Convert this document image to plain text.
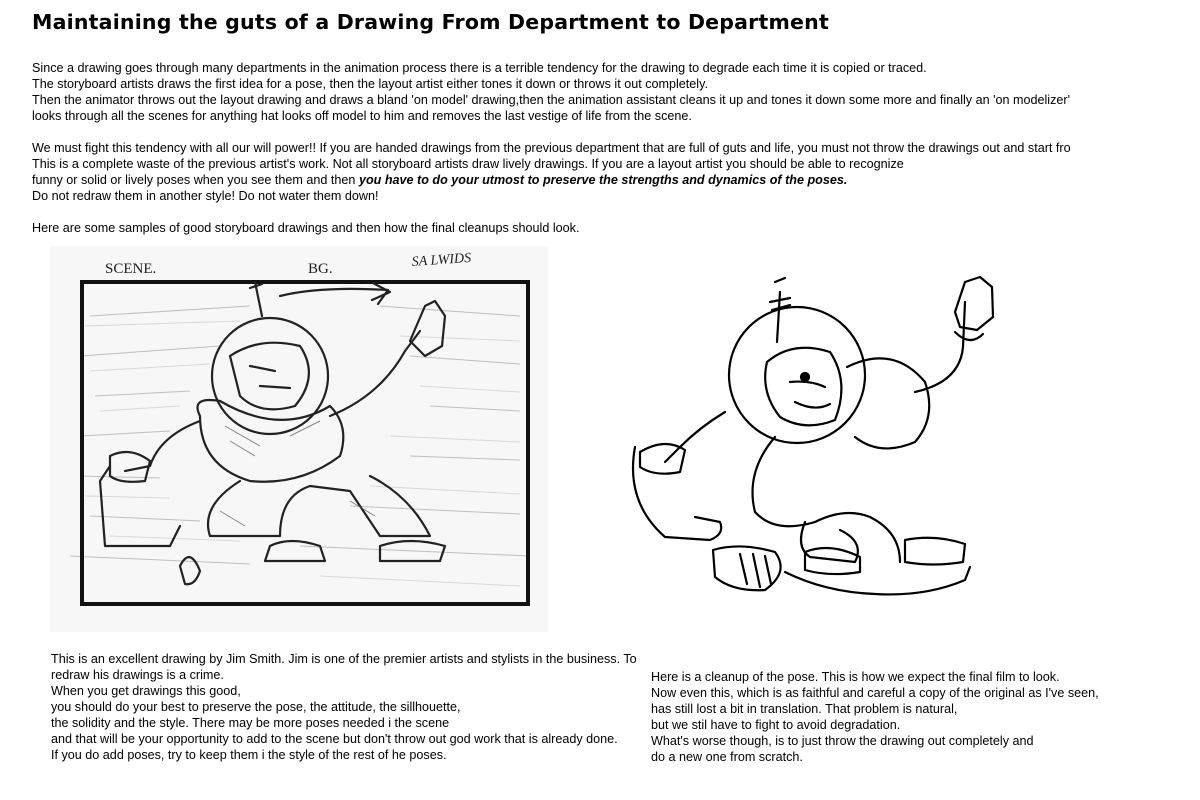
Maintaining the guts of a Drawing From Department to Department

Since a drawing goes through many departments in the animation process there is a terrible tendency for the drawing to degrade each time it is copied or traced.

The storyboard artists draws the first idea for a pose, then the layout artist either tones it down or throws it out completely.

Then the animator throws out the layout drawing and draws a bland 'on model' drawing,then the animation assistant cleans it up and tones it down some more and finally an 'on modelizer'

looks through all the scenes for anything hat looks off model to him and removes the last vestige of life from the scene.

We must fight this tendency with all our will power!! If you are handed drawings from the previous department that are full of guts and life, you must not throw the drawings out and start fro

This is a complete waste of the previous artist's work. Not all storyboard artists draw lively drawings. If you are a layout artist you should be able to recognize

funny or solid or lively poses when you see them and then you have to do your utmost to preserve the strengths and dynamics of the poses.

Do not redraw them in another style! Do not water them down!

Here are some samples of good storyboard drawings and then how the final cleanups should look.

SCENE.	BG.	SA LWIDS

This is an excellent drawing by Jim Smith. Jim is one of the premier artists and stylists in the business. To redraw his drawings is a crime.

When you get drawings this good,

you should do your best to preserve the pose, the attitude, the sillhouette,

the solidity and the style. There may be more poses needed i the scene

and that will be your opportunity to add to the scene but don't throw out god work that is already done.

If you do add poses, try to keep them i the style of the rest of he poses.

Here is a cleanup of the pose. This is how we expect the final film to look.

Now even this, which is as faithful and careful a copy of the original as I've seen,

has still lost a bit in translation. That problem is natural,

but we stil have to fight to avoid degradation.

What's worse though, is to just throw the drawing out completely and

do a new one from scratch.
